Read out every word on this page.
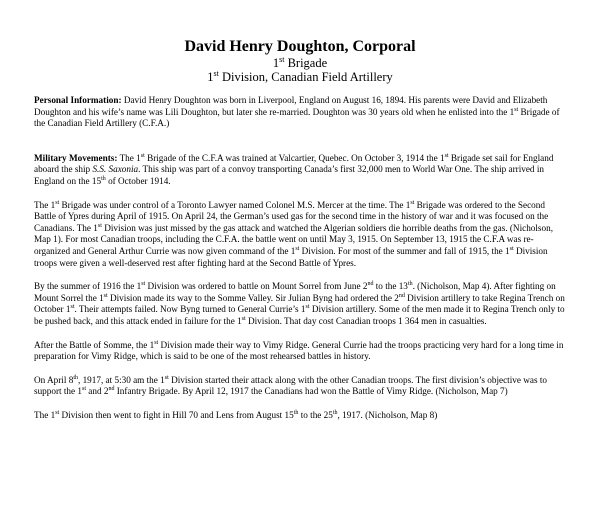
David Henry Doughton, Corporal

1st Brigade

1st Division, Canadian Field Artillery

Personal Information: David Henry Doughton was born in Liverpool, England on August 16, 1894. His parents were David and Elizabeth Doughton and his wife’s name was Lili Doughton, but later she re-married. Doughton was 30 years old when he enlisted into the 1st Brigade of the Canadian Field Artillery (C.F.A.)

Military Movements: The 1st Brigade of the C.F.A was trained at Valcartier, Quebec. On October 3, 1914 the 1st Brigade set sail for England aboard the ship S.S. Saxonia. This ship was part of a convoy transporting Canada’s first 32,000 men to World War One. The ship arrived in England on the 15th of October 1914.

The 1st Brigade was under control of a Toronto Lawyer named Colonel M.S. Mercer at the time. The 1st Brigade was ordered to the Second Battle of Ypres during April of 1915. On April 24, the German’s used gas for the second time in the history of war and it was focused on the Canadians. The 1st Division was just missed by the gas attack and watched the Algerian soldiers die horrible deaths from the gas. (Nicholson, Map 1). For most Canadian troops, including the C.F.A. the battle went on until May 3, 1915. On September 13, 1915 the C.F.A was re-organized and General Arthur Currie was now given command of the 1st Division. For most of the summer and fall of 1915, the 1st Division troops were given a well-deserved rest after fighting hard at the Second Battle of Ypres.

By the summer of 1916 the 1st Division was ordered to battle on Mount Sorrel from June 2nd to the 13th. (Nicholson, Map 4). After fighting on Mount Sorrel the 1st Division made its way to the Somme Valley. Sir Julian Byng had ordered the 2nd Division artillery to take Regina Trench on October 1st. Their attempts failed. Now Byng turned to General Currie’s 1st Division artillery. Some of the men made it to Regina Trench only to be pushed back, and this attack ended in failure for the 1st Division. That day cost Canadian troops 1 364 men in casualties.

After the Battle of Somme, the 1st Division made their way to Vimy Ridge. General Currie had the troops practicing very hard for a long time in preparation for Vimy Ridge, which is said to be one of the most rehearsed battles in history.

On April 8th, 1917, at 5:30 am the 1st Division started their attack along with the other Canadian troops. The first division’s objective was to support the 1st and 2nd Infantry Brigade. By April 12, 1917 the Canadians had won the Battle of Vimy Ridge. (Nicholson, Map 7)

The 1st Division then went to fight in Hill 70 and Lens from August 15th to the 25th, 1917. (Nicholson, Map 8)
